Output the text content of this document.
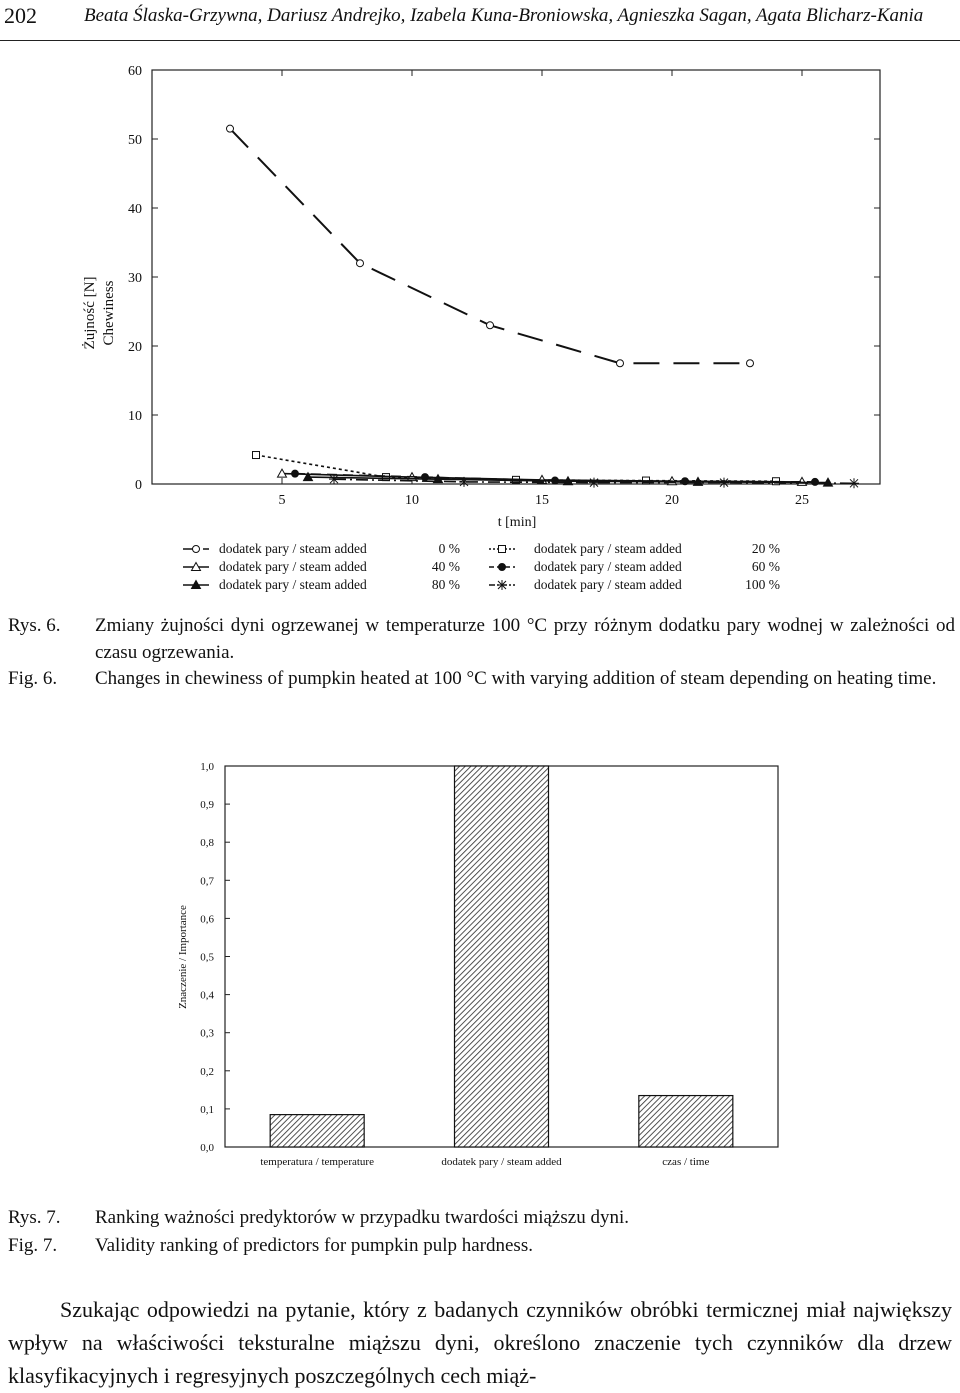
202 Beata Ślaska-Grzywna, Dariusz Andrejko, Izabela Kuna-Broniowska, Agnieszka Sagan, Agata Blicharz-Kania
0
10
20
30
40
50
60
5	10	15	20	25
Żujność [N] Chewiness
t [min]
dodatek pary / steam added	0 %	dodatek pary / steam added	20 %
dodatek pary / steam added	40 %	dodatek pary / steam added	60 %
dodatek pary / steam added	80 %	dodatek pary / steam added	100 %
Rys. 6. Zmiany żujności dyni ogrzewanej w temperaturze 100 °C przy różnym dodatku pary wodnej w zależności od czasu ogrzewania.
Fig. 6. Changes in chewiness of pumpkin heated at 100 °C with varying addition of steam depending on heating time.
0,0
0,1
0,2
0,3
0,4
0,5
0,6
0,7
0,8
0,9
1,0
Znaczenie / Importance
temperatura / temperature	dodatek pary / steam added	czas / time
Rys. 7. Ranking ważności predyktorów w przypadku twardości miąższu dyni.
Fig. 7. Validity ranking of predictors for pumpkin pulp hardness.
Szukając odpowiedzi na pytanie, który z badanych czynników obróbki termicznej miał największy wpływ na właściwości teksturalne miąższu dyni, określono znaczenie tych czynników dla drzew klasyfikacyjnych i regresyjnych poszczególnych cech miąż-
